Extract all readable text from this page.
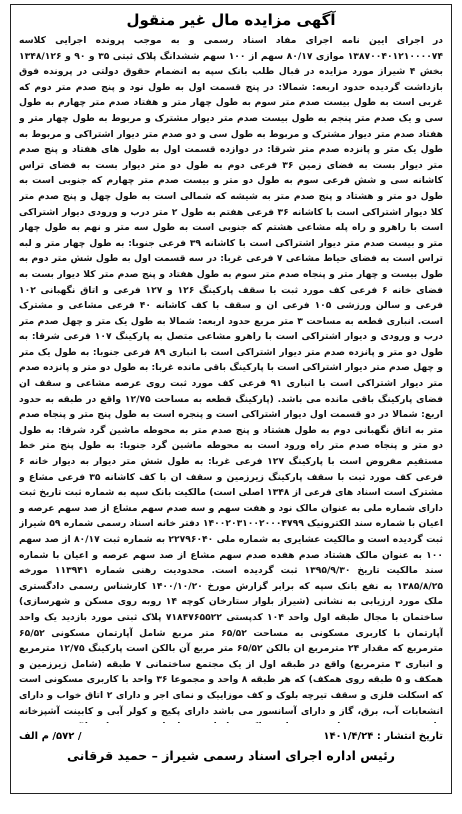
آگهی مزایده مال غیر منقول
در اجرای ایین نامه اجرای مفاد اسناد رسمی و به موجب پرونده اجرایی کلاسه ۱۳۸۷۰۰۴۰۱۲۱۰۰۰۰۷۴ موازی ۸۰/۱۷ سهم از ۱۰۰ سهم ششدانگ پلاک ثبتی ۳۵ و ۹۰ و ۱۳۴۸/۱۲۶ بخش ۴ شیراز مورد مزایده در قبال طلب بانک سپه به انضمام حقوق دولتی در پرونده فوق بازداشت گردیده حدود اربعه: شمالا: در پنج قسمت اول به طول نود و پنج صدم متر دوم که غربی است به طول بیست صدم متر سوم به طول چهار متر و هفتاد صدم متر چهارم به طول سی و یک صدم متر پنجم به طول بیست صدم متر دیوار مشترک و مربوط به طول چهار متر و هفتاد صدم متر دیوار مشترک و مربوط به طول سی و دو صدم متر دیوار اشتراکی و مربوط به طول یک متر و پانزده صدم متر شرقا: در دوازده قسمت اول به طول های هفتاد و پنج صدم متر دیوار بست به فضای زمین ۳۶ فرعی دوم به طول دو متر دیوار بست به فضای تراس کاشانه سی و شش فرعی سوم به طول دو متر و بیست صدم متر چهارم که جنوبی است به طول دو متر و هشتاد و پنج صدم متر به شیشه که شمالی است به طول چهل و پنج صدم متر کلا دیوار اشتراکی است با کاشانه ۳۶ فرعی هفتم به طول ۲ متر درب و ورودی دیوار اشتراکی است با راهرو و راه پله مشاعی هشتم که جنوبی است به طول سه متر و نهم به طول چهار متر و بیست صدم متر دیوار اشتراکی است با کاشانه ۳۹ فرعی جنوبا: به طول چهار متر و لبه تراس است به فضای حیاط مشاعی ۷ فرعی غربا: در سه قسمت اول به طول شش متر دوم به طول بیست و چهار متر و پنجاه صدم متر سوم به طول هفتاد و پنج صدم متر کلا دیوار بست به فضای خانه ۶ فرعی کف مورد ثبت با سقف پارکینگ ۱۲۶ و ۱۲۷ فرعی و اتاق نگهبانی ۱۰۲ فرعی و سالن ورزشی ۱۰۵ فرعی ان و سقف با کف کاشانه ۴۰ فرعی مشاعی و مشترک است. انباری قطعه به مساحت ۳ متر مربع حدود اربعه: شمالا به طول یک متر و چهل صدم متر درب و ورودی و دیوار اشتراکی است با راهرو مشاعی متصل به پارکینگ ۱۰۷ فرعی شرقا: به طول دو متر و پانزده صدم متر دیوار اشتراکی است با انباری ۸۹ فرعی جنوبا: به طول یک متر و چهل صدم متر دیوار اشتراکی است با پارکینگ باقی مانده غربا: به طول دو متر و پانزده صدم متر دیوار اشتراکی است با انباری ۹۱ فرعی کف مورد ثبت روی عرصه مشاعی و سقف ان فضای پارکینگ باقی مانده می باشد. (پارکینگ قطعه به مساحت ۱۲/۷۵ واقع در طبقه به حدود اربع: شمالا در دو قسمت اول دیوار اشتراکی است و پنجره است به طول پنج متر و پنجاه صدم متر به اتاق نگهبانی دوم به طول هشتاد و پنج صدم متر به محوطه ماشین گرد شرقا: به طول دو متر و پنجاه صدم متر راه ورود است به محوطه ماشین گرد جنوبا: به طول پنج متر خط مستقیم مفروض است با پارکینگ ۱۲۷ فرعی غربا: به طول شش متر دیوار به دیوار خانه ۶ فرعی کف مورد ثبت با سقف پارکینگ زیرزمین و سقف ان با کف کاشانه ۳۵ فرعی مشاع و مشترک است اسناد های فرعی از ۱۳۴۸ اصلی است) مالکیت بانک سپه به شماره ثبت تاریخ ثبت دارای شماره ملی به عنوان مالک نود و هفت سهم و سه صدم سهم مشاع از صد سهم عرصه و اعیان با شماره سند الکترونیک ۱۴۰۰۲۰۳۱۰۰۲۰۰۰۴۷۹۹ دفتر خانه اسناد رسمی شماره ۵۹ شیراز ثبت گردیده است و مالکیت عشایری به شماره ملی ۲۲۷۹۶۰۴۰ به شماره ثبت ۸۰/۱۷ از صد سهم ۱۰۰ به عنوان مالک هشتاد صدم هفده صدم سهم مشاع از صد سهم عرصه و اعیان با شماره سند مالکیت تاریخ ۱۳۹۵/۹/۳۰ ثبت گردیده است. محدودیت رهنی شماره ۱۱۳۹۴۱ مورخه ۱۳۸۵/۸/۲۵ به نفع بانک سپه که برابر گزارش مورخ ۱۴۰۰/۱۰/۲۰ کارشناس رسمی دادگستری ملک مورد ارزیابی به نشانی (شیراز بلوار ستارخان کوچه ۱۴ روبه روی مسکن و شهرسازی) ساختمان با مجال طبقه اول واحد ۱۰۴ کدپستی ۷۱۸۴۷۶۵۵۲۲ پلاک ثبتی مورد بازدید یک واحد آپارتمان با کاربری مسکونی به مساحت ۶۵/۵۲ متر مربع شامل آپارتمان مسکونی ۶۵/۵۲ مترمربع که مقدار ۲۴ مترمربع ان بالکن ۶۵/۵۲ متر مربع آن بالکن است پارکینگ ۱۲/۷۵ مترمربع و انباری ۳ مترمربع) واقع در طبقه اول از یک مجتمع ساختمانی ۷ طبقه (شامل زیرزمین و همکف و ۵ طبقه روی همکف) که هر طبقه ۸ واحد و مجموعا ۳۶ واحد با کاربری مسکونی است که اسکلت فلزی و سقف تیرچه بلوک و کف موزاییک و نمای اجر و دارای ۲ اتاق خواب و دارای انشعابات آب، برق، گاز و دارای آسانسور می باشد دارای پکیج و کولر آبی و کابینت آشپزخانه
تاریخ انتشار : ۱۴۰۱/۴/۲۴
/ ۵۷۲/ م الف
رئیس اداره اجرای اسناد رسمی شیراز – حمید قرقانی
